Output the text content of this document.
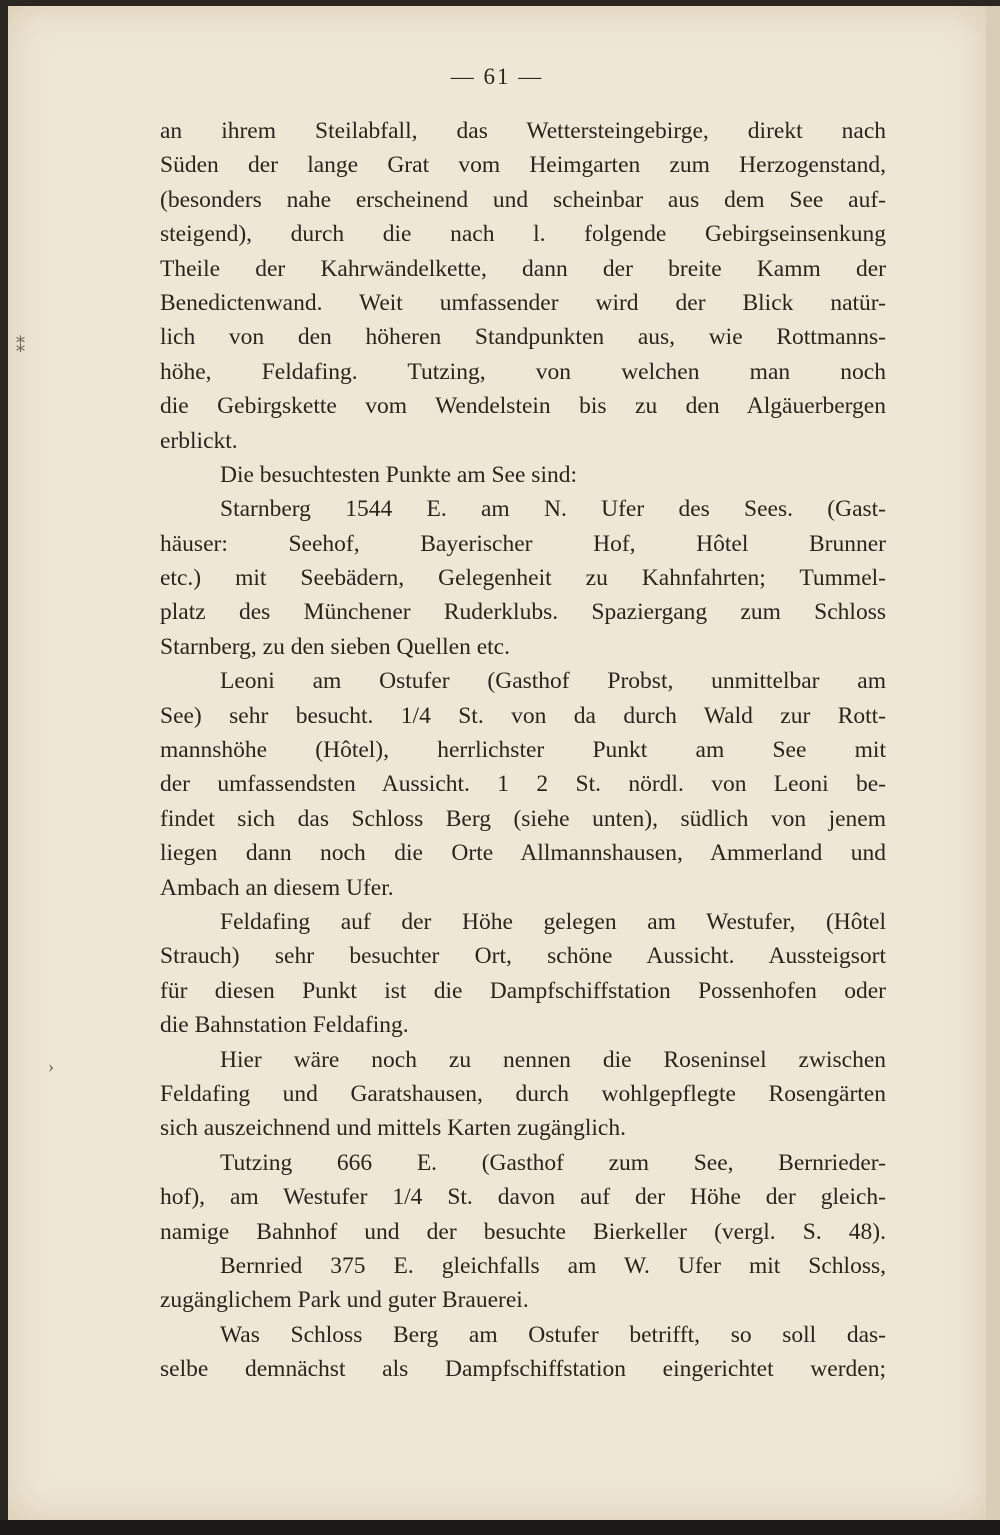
— 61 —
an ihrem Steilabfall, das Wettersteingebirge, direkt nach
Süden der lange Grat vom Heimgarten zum Herzogenstand,
(besonders nahe erscheinend und scheinbar aus dem See auf-
steigend), durch die nach l. folgende Gebirgseinsenkung
Theile der Kahrwändelkette, dann der breite Kamm der
Benedictenwand. Weit umfassender wird der Blick natür-
lich von den höheren Standpunkten aus, wie Rottmanns-
höhe, Feldafing. Tutzing, von welchen man noch
die Gebirgskette vom Wendelstein bis zu den Algäuerbergen
erblickt.
Die besuchtesten Punkte am See sind:
Starnberg 1544 E. am N. Ufer des Sees. (Gast-
häuser: Seehof, Bayerischer Hof, Hôtel Brunner
etc.) mit Seebädern, Gelegenheit zu Kahnfahrten; Tummel-
platz des Münchener Ruderklubs. Spaziergang zum Schloss
Starnberg, zu den sieben Quellen etc.
Leoni am Ostufer (Gasthof Probst, unmittelbar am
See) sehr besucht. 1/4 St. von da durch Wald zur Rott-
mannshöhe (Hôtel), herrlichster Punkt am See mit
der umfassendsten Aussicht. 1 2 St. nördl. von Leoni be-
findet sich das Schloss Berg (siehe unten), südlich von jenem
liegen dann noch die Orte Allmannshausen, Ammerland und
Ambach an diesem Ufer.
Feldafing auf der Höhe gelegen am Westufer, (Hôtel
Strauch) sehr besuchter Ort, schöne Aussicht. Aussteigsort
für diesen Punkt ist die Dampfschiffstation Possenhofen oder
die Bahnstation Feldafing.
Hier wäre noch zu nennen die Roseninsel zwischen
Feldafing und Garatshausen, durch wohlgepflegte Rosengärten
sich auszeichnend und mittels Karten zugänglich.
Tutzing 666 E. (Gasthof zum See, Bernrieder-
hof), am Westufer 1/4 St. davon auf der Höhe der gleich-
namige Bahnhof und der besuchte Bierkeller (vergl. S. 48).
Bernried 375 E. gleichfalls am W. Ufer mit Schloss,
zugänglichem Park und guter Brauerei.
Was Schloss Berg am Ostufer betrifft, so soll das-
selbe demnächst als Dampfschiffstation eingerichtet werden;
⁑
›
